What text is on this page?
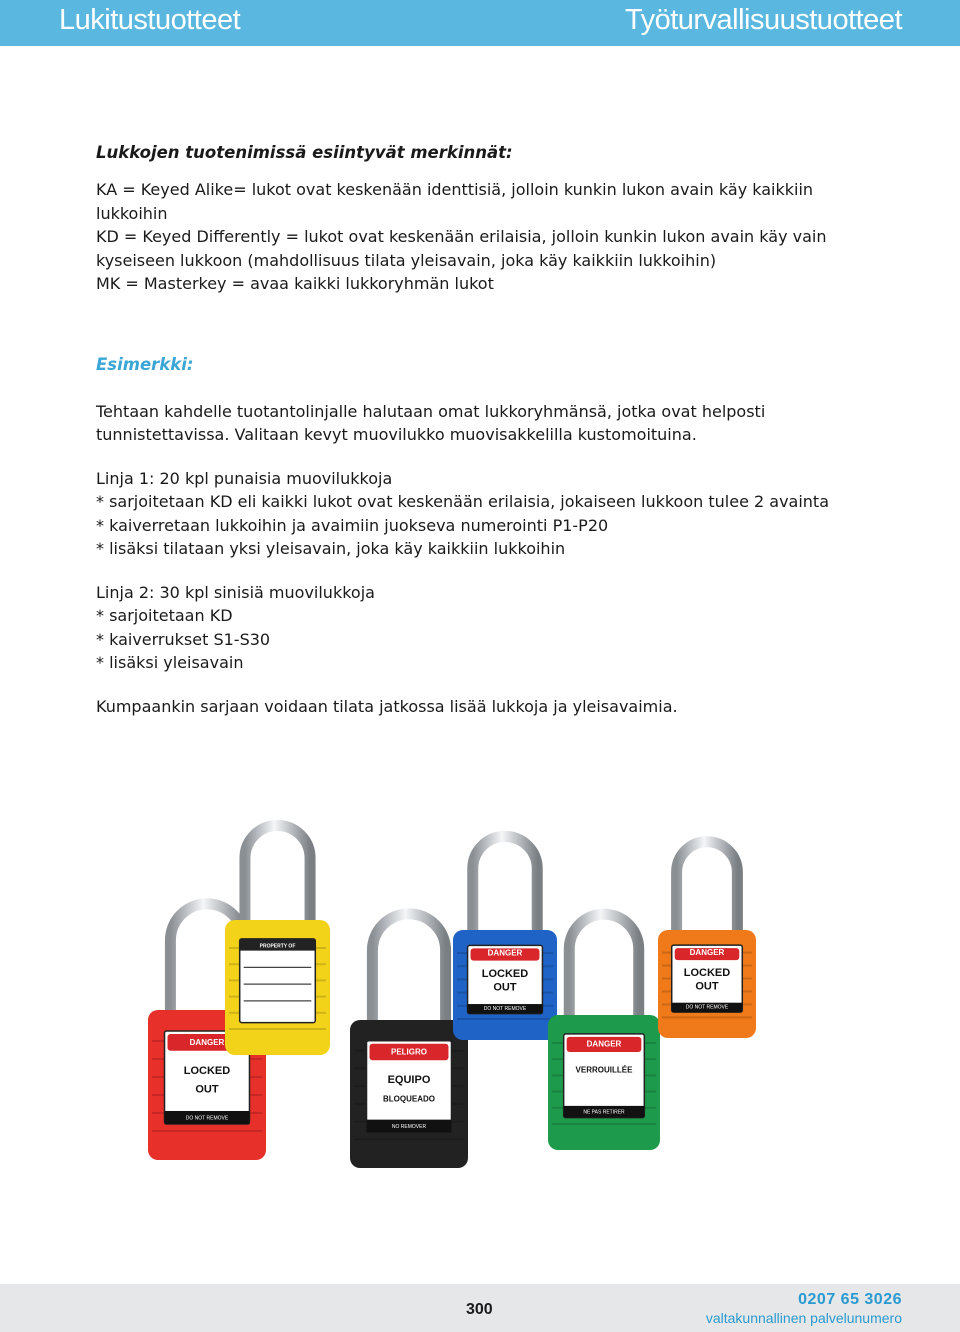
Lukitustuotteet	Työturvallisuustuotteet

Lukkojen tuotenimissä esiintyvät merkinnät:

KA = Keyed Alike= lukot ovat keskenään identtisiä, jolloin kunkin lukon avain käy kaikkiin

lukkoihin

KD = Keyed Differently = lukot ovat keskenään erilaisia, jolloin kunkin lukon avain käy vain

kyseiseen lukkoon (mahdollisuus tilata yleisavain, joka käy kaikkiin lukkoihin)

MK = Masterkey = avaa kaikki lukkoryhmän lukot

Esimerkki:

Tehtaan kahdelle tuotantolinjalle halutaan omat lukkoryhmänsä, jotka ovat helposti

tunnistettavissa. Valitaan kevyt muovilukko muovisakkelilla kustomoituina.

Linja 1: 20 kpl punaisia muovilukkoja

* sarjoitetaan KD eli kaikki lukot ovat keskenään erilaisia, jokaiseen lukkoon tulee 2 avainta

* kaiverretaan lukkoihin ja avaimiin juokseva numerointi P1-P20

* lisäksi tilataan yksi yleisavain, joka käy kaikkiin lukkoihin

Linja 2: 30 kpl sinisiä muovilukkoja

* sarjoitetaan KD

* kaiverrukset S1-S30

* lisäksi yleisavain

Kumpaankin sarjaan voidaan tilata jatkossa lisää lukkoja ja yleisavaimia.

DANGER
LOCKED
OUT
DO NOT REMOVE
PROPERTY OF
PELIGRO
EQUIPO
BLOQUEADO
NO REMOVER
DANGER
LOCKED
OUT
DO NOT REMOVE
DANGER
VERROUILLÉE
NE PAS RETIRER
DANGER
LOCKED
OUT
DO NOT REMOVE
300
0207 65 3026
valtakunnallinen palvelunumero
